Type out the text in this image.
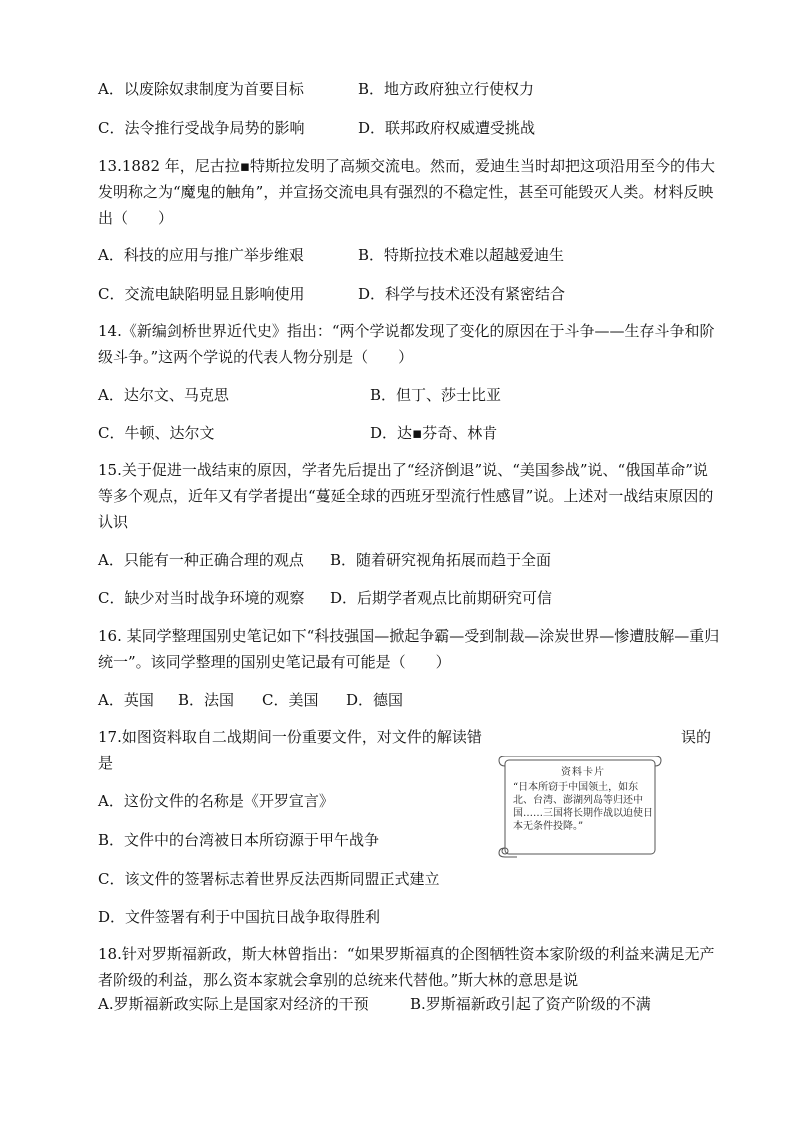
A．以废除奴隶制度为首要目标	B．地方政府独立行使权力
C．法令推行受战争局势的影响	D．联邦政府权威遭受挑战
13.1882 年，尼古拉▪特斯拉发明了高频交流电。然而，爱迪生当时却把这项沿用至今的伟大发明称之为“魔鬼的触角”，并宣扬交流电具有强烈的不稳定性，甚至可能毁灭人类。材料反映出（　　）
A．科技的应用与推广举步维艰	B．特斯拉技术难以超越爱迪生
C．交流电缺陷明显且影响使用	D．科学与技术还没有紧密结合
14.《新编剑桥世界近代史》指出：“两个学说都发现了变化的原因在于斗争——生存斗争和阶级斗争。”这两个学说的代表人物分别是（　　）
A．达尔文、马克思	B．但丁、莎士比亚
C．牛顿、达尔文	D．达▪芬奇、林肯
15.关于促进一战结束的原因，学者先后提出了“经济倒退”说、“美国参战”说、“俄国革命”说等多个观点，近年又有学者提出“蔓延全球的西班牙型流行性感冒”说。上述对一战结束原因的认识
A．只能有一种正确合理的观点 B．随着研究视角拓展而趋于全面
C．缺少对当时战争环境的观察 D．后期学者观点比前期研究可信
16. 某同学整理国别史笔记如下“科技强国—掀起争霸—受到制裁—涂炭世界—惨遭肢解—重归统一”。该同学整理的国别史笔记最有可能是（　　）
A．英国 B．法国 C．美国 D．德国
17.如图资料取自二战期间一份重要文件，对文件的解读错	误的
是
A．这份文件的名称是《开罗宣言》
B．文件中的台湾被日本所窃源于甲午战争
C．该文件的签署标志着世界反法西斯同盟正式建立
D．文件签署有利于中国抗日战争取得胜利
资料卡片
“日本所窃于中国领土，如东北、台湾、澎湖列岛等归还中国……三国将长期作战以迫使日本无条件投降。”
18.针对罗斯福新政，斯大林曾指出：“如果罗斯福真的企图牺牲资本家阶级的利益来满足无产者阶级的利益，那么资本家就会拿别的总统来代替他。”斯大林的意思是说
A.罗斯福新政实际上是国家对经济的干预	B.罗斯福新政引起了资产阶级的不满
